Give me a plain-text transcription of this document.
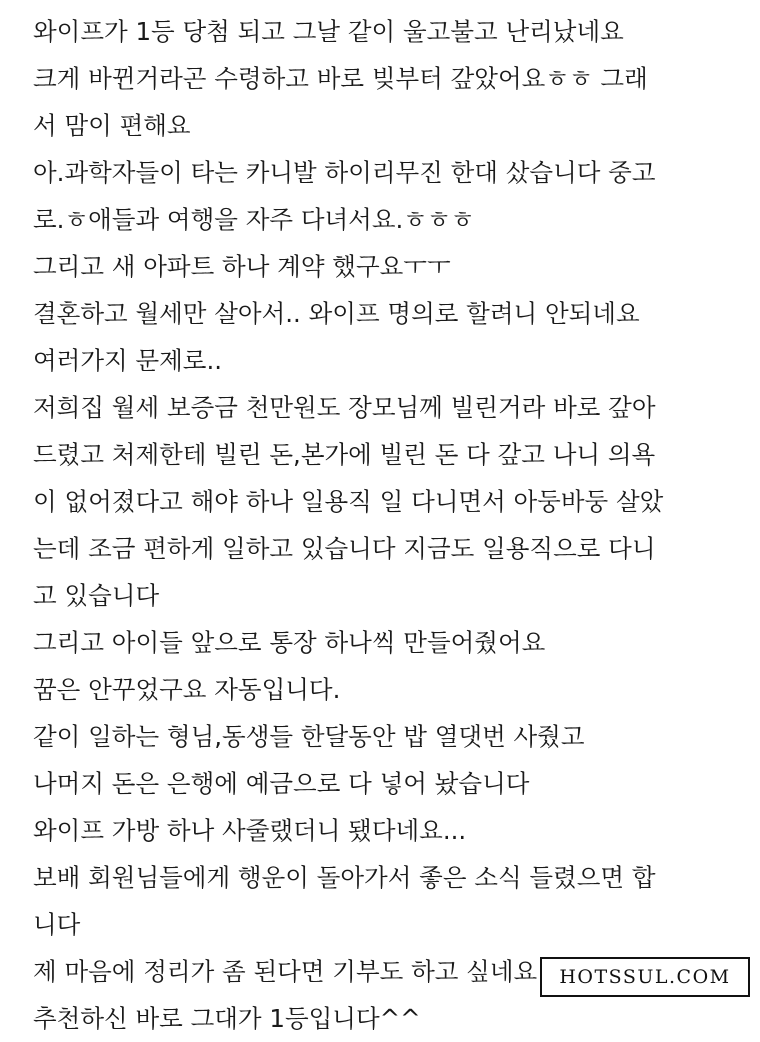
와이프가 1등 당첨 되고 그날 같이 울고불고 난리났네요
크게 바뀐거라곤 수령하고 바로 빚부터 갚았어요ㅎㅎ 그래
서 맘이 편해요
아.과학자들이 타는 카니발 하이리무진 한대 샀습니다 중고
로.ㅎ애들과 여행을 자주 다녀서요.ㅎㅎㅎ
그리고 새 아파트 하나 계약 했구요ㅜㅜ
결혼하고 월세만 살아서.. 와이프 명의로 할려니 안되네요
여러가지 문제로..
저희집 월세 보증금 천만원도 장모님께 빌린거라 바로 갚아
드렸고 처제한테 빌린 돈,본가에 빌린 돈 다 갚고 나니 의욕
이 없어졌다고 해야 하나 일용직 일 다니면서 아둥바둥 살았
는데 조금 편하게 일하고 있습니다 지금도 일용직으로 다니
고 있습니다
그리고 아이들 앞으로 통장 하나씩 만들어줬어요
꿈은 안꾸었구요 자동입니다.
같이 일하는 형님,동생들 한달동안 밥 열댓번 사줬고
나머지 돈은 은행에 예금으로 다 넣어 놨습니다
와이프 가방 하나 사줄랬더니 됐다네요...
보배 회원님들에게 행운이 돌아가서 좋은 소식 들렸으면 합
니다
제 마음에 정리가 좀 된다면 기부도 하고 싶네요
추천하신 바로 그대가 1등입니다^^
HOTSSUL.COM
